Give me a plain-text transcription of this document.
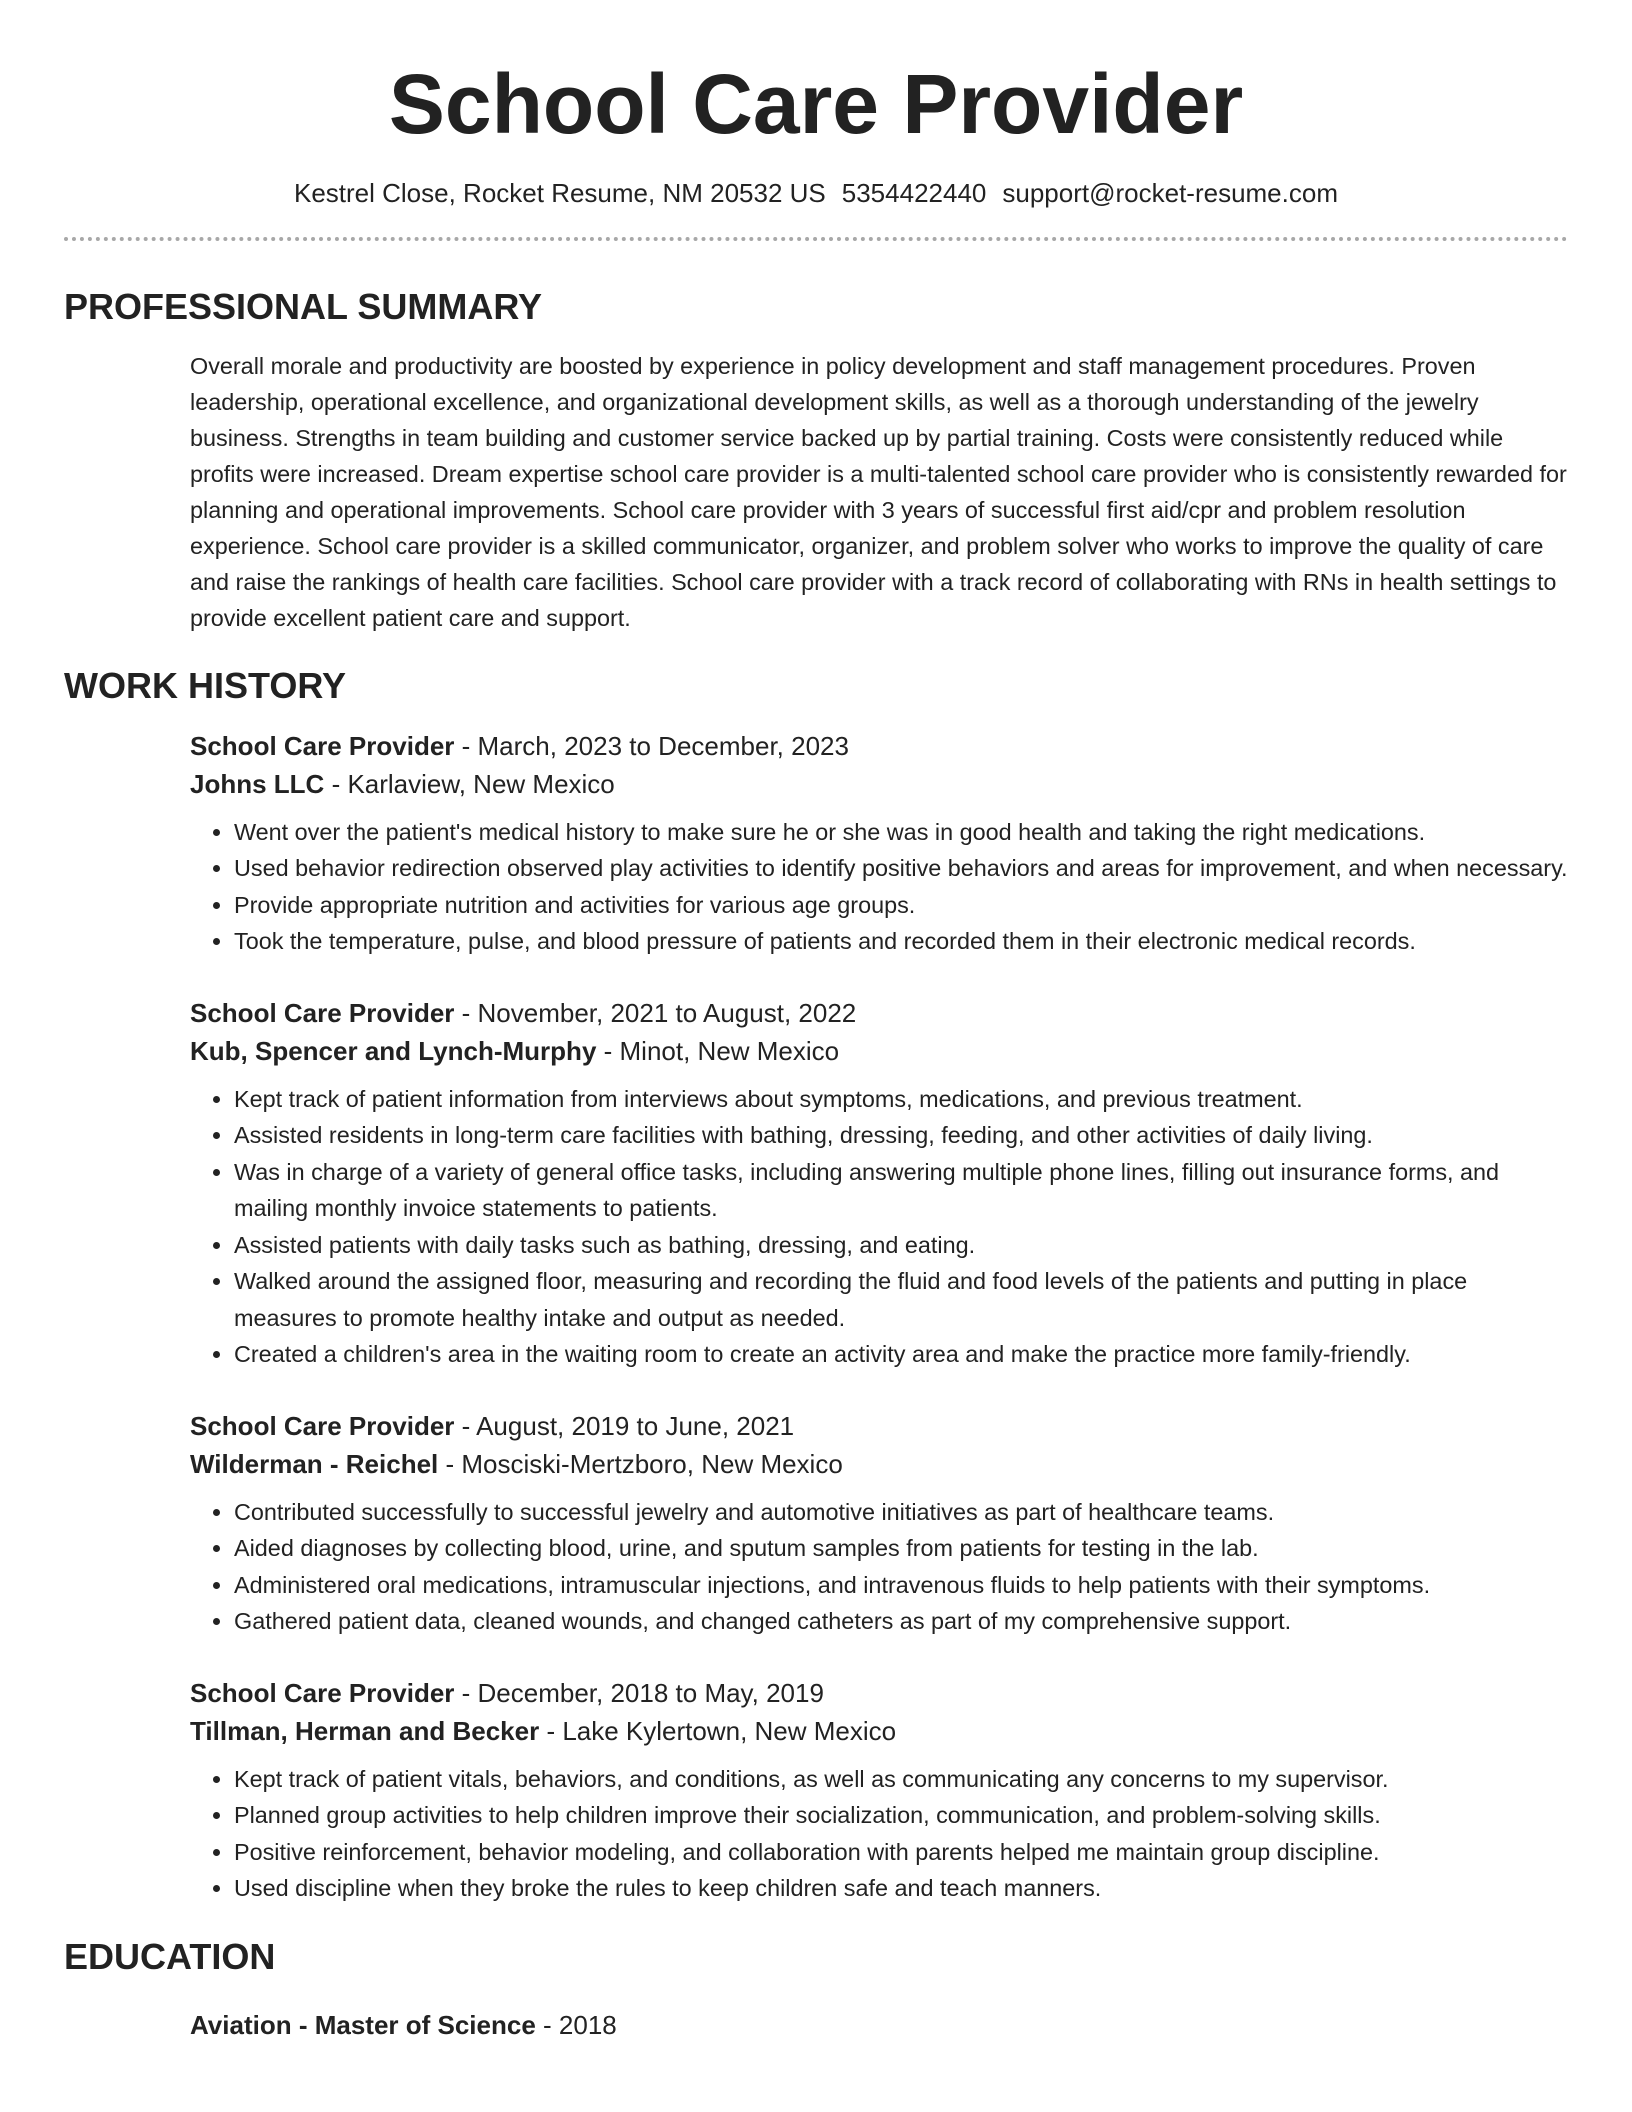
School Care Provider
Kestrel Close, Rocket Resume, NM 20532 US 5354422440 support@rocket-resume.com
PROFESSIONAL SUMMARY

Overall morale and productivity are boosted by experience in policy development and staff management procedures. Proven leadership, operational excellence, and organizational development skills, as well as a thorough understanding of the jewelry business. Strengths in team building and customer service backed up by partial training. Costs were consistently reduced while profits were increased. Dream expertise school care provider is a multi-talented school care provider who is consistently rewarded for planning and operational improvements. School care provider with 3 years of successful first aid/cpr and problem resolution experience. School care provider is a skilled communicator, organizer, and problem solver who works to improve the quality of care and raise the rankings of health care facilities. School care provider with a track record of collaborating with RNs in health settings to provide excellent patient care and support.

WORK HISTORY
School Care Provider - March, 2023 to December, 2023
Johns LLC - Karlaview, New Mexico
• Went over the patient's medical history to make sure he or she was in good health and taking the right medications.
• Used behavior redirection observed play activities to identify positive behaviors and areas for improvement, and when necessary.
• Provide appropriate nutrition and activities for various age groups.
• Took the temperature, pulse, and blood pressure of patients and recorded them in their electronic medical records.
School Care Provider - November, 2021 to August, 2022
Kub, Spencer and Lynch-Murphy - Minot, New Mexico
• Kept track of patient information from interviews about symptoms, medications, and previous treatment.
• Assisted residents in long-term care facilities with bathing, dressing, feeding, and other activities of daily living.
• Was in charge of a variety of general office tasks, including answering multiple phone lines, filling out insurance forms, and mailing monthly invoice statements to patients.
• Assisted patients with daily tasks such as bathing, dressing, and eating.
• Walked around the assigned floor, measuring and recording the fluid and food levels of the patients and putting in place measures to promote healthy intake and output as needed.
• Created a children's area in the waiting room to create an activity area and make the practice more family-friendly.
School Care Provider - August, 2019 to June, 2021
Wilderman - Reichel - Mosciski-Mertzboro, New Mexico
• Contributed successfully to successful jewelry and automotive initiatives as part of healthcare teams.
• Aided diagnoses by collecting blood, urine, and sputum samples from patients for testing in the lab.
• Administered oral medications, intramuscular injections, and intravenous fluids to help patients with their symptoms.
• Gathered patient data, cleaned wounds, and changed catheters as part of my comprehensive support.
School Care Provider - December, 2018 to May, 2019
Tillman, Herman and Becker - Lake Kylertown, New Mexico
• Kept track of patient vitals, behaviors, and conditions, as well as communicating any concerns to my supervisor.
• Planned group activities to help children improve their socialization, communication, and problem-solving skills.
• Positive reinforcement, behavior modeling, and collaboration with parents helped me maintain group discipline.
• Used discipline when they broke the rules to keep children safe and teach manners.
EDUCATION
Aviation - Master of Science - 2018
